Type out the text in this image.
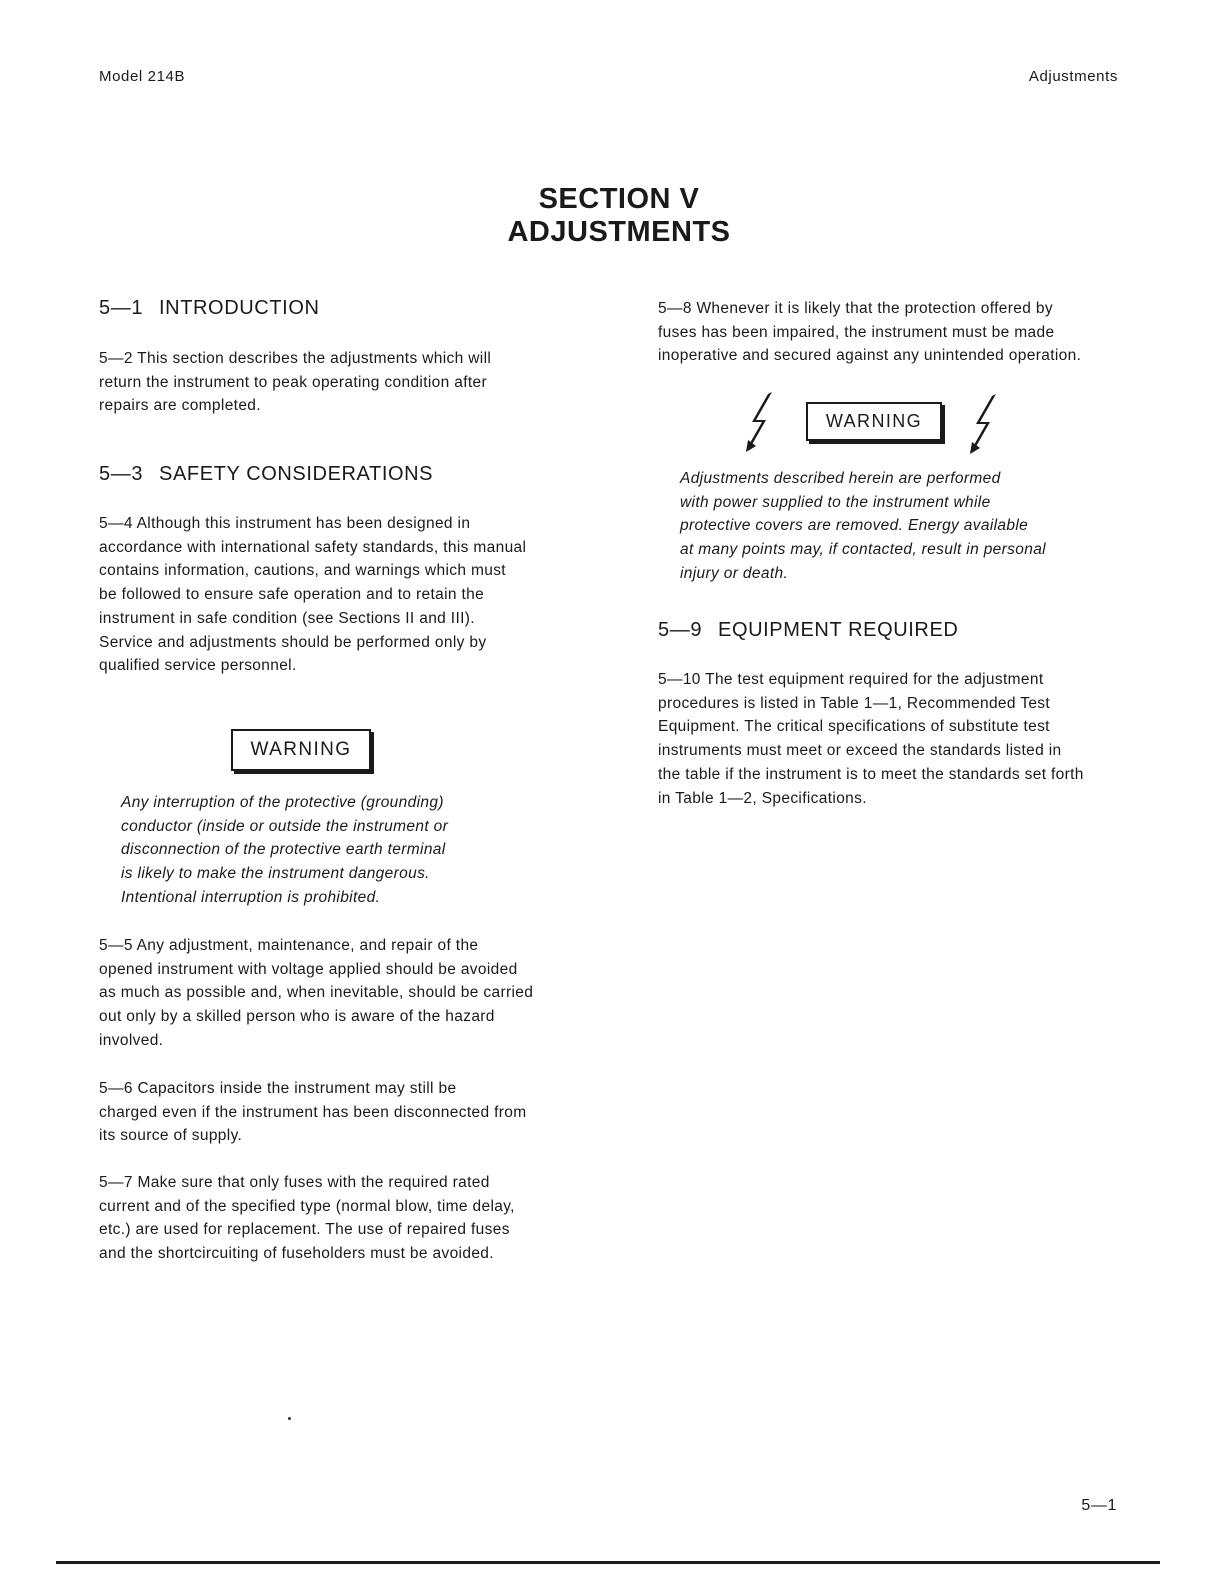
Model 214B	Adjustments
SECTION V
ADJUSTMENTS
5—1 INTRODUCTION
5—2 This section describes the adjustments which will
return the instrument to peak operating condition after
repairs are completed.
5—3 SAFETY CONSIDERATIONS
5—4 Although this instrument has been designed in
accordance with international safety standards, this manual
contains information, cautions, and warnings which must
be followed to ensure safe operation and to retain the
instrument in safe condition (see Sections II and III).
Service and adjustments should be performed only by
qualified service personnel.
WARNING
Any interruption of the protective (grounding)
conductor (inside or outside the instrument or
disconnection of the protective earth terminal
is likely to make the instrument dangerous.
Intentional interruption is prohibited.
5—5 Any adjustment, maintenance, and repair of the
opened instrument with voltage applied should be avoided
as much as possible and, when inevitable, should be carried
out only by a skilled person who is aware of the hazard
involved.
5—6 Capacitors inside the instrument may still be
charged even if the instrument has been disconnected from
its source of supply.
5—7 Make sure that only fuses with the required rated
current and of the specified type (normal blow, time delay,
etc.) are used for replacement. The use of repaired fuses
and the shortcircuiting of fuseholders must be avoided.
5—8 Whenever it is likely that the protection offered by
fuses has been impaired, the instrument must be made
inoperative and secured against any unintended operation.
WARNING
Adjustments described herein are performed
with power supplied to the instrument while
protective covers are removed. Energy available
at many points may, if contacted, result in personal
injury or death.
5—9 EQUIPMENT REQUIRED
5—10 The test equipment required for the adjustment
procedures is listed in Table 1—1, Recommended Test
Equipment. The critical specifications of substitute test
instruments must meet or exceed the standards listed in
the table if the instrument is to meet the standards set forth
in Table 1—2, Specifications.
5—1
